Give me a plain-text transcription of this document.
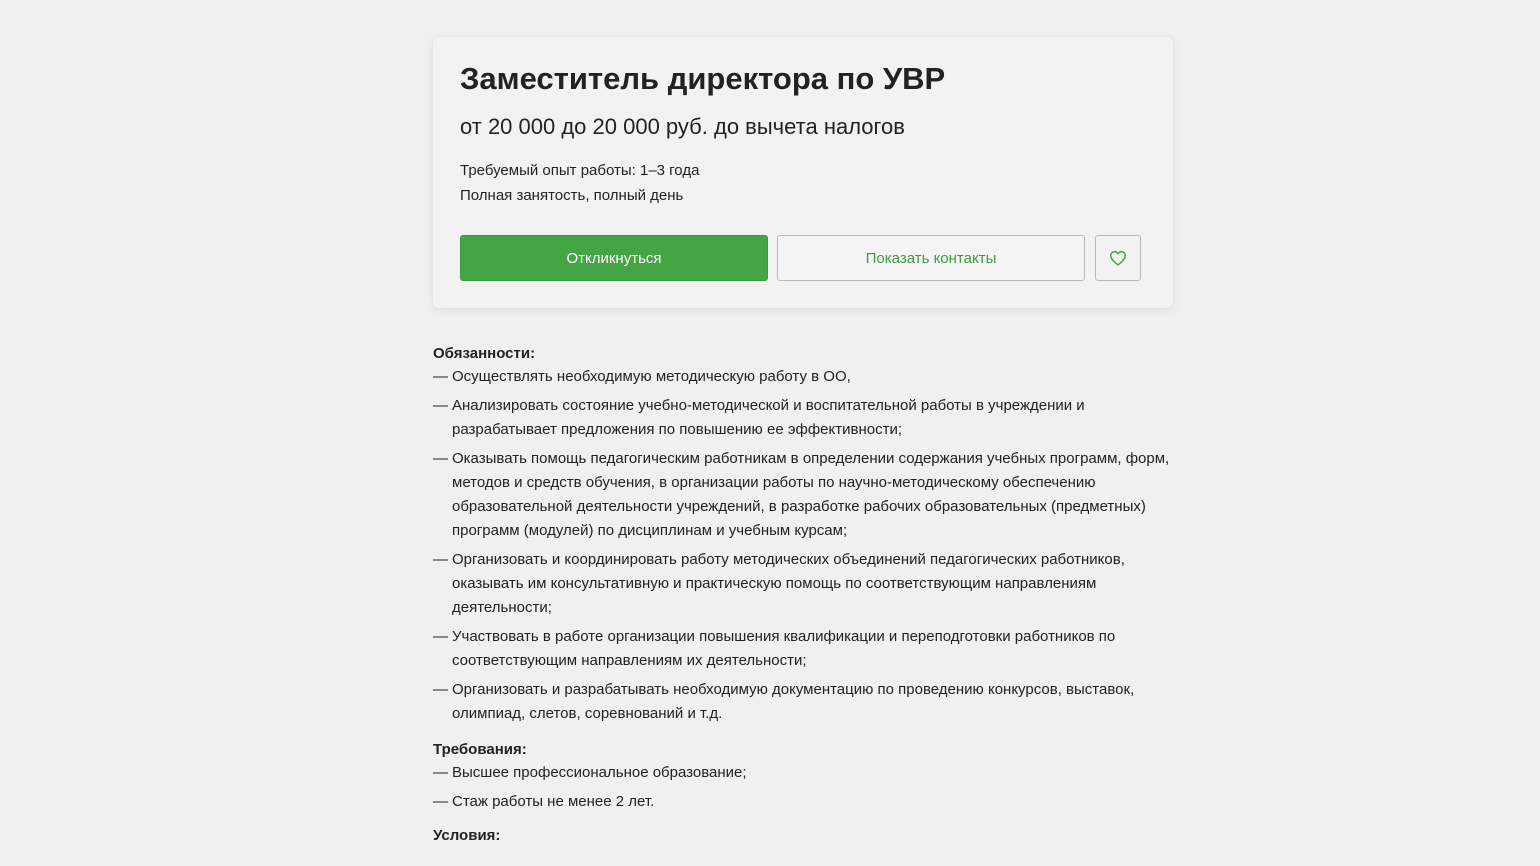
Заместитель директора по УВР
от 20 000 до 20 000 руб. до вычета налогов
Требуемый опыт работы: 1–3 года
Полная занятость, полный день
Откликнуться	Показать контакты

Обязанности:

— Осуществлять необходимую методическую работу в ОО,
— Анализировать состояние учебно-методической и воспитательной работы в учреждении и разрабатывает предложения по повышению ее эффективности;
— Оказывать помощь педагогическим работникам в определении содержания учебных программ, форм, методов и средств обучения, в организации работы по научно-методическому обеспечению образовательной деятельности учреждений, в разработке рабочих образовательных (предметных) программ (модулей) по дисциплинам и учебным курсам;
— Организовать и координировать работу методических объединений педагогических работников, оказывать им консультативную и практическую помощь по соответствующим направлениям деятельности;
— Участвовать в работе организации повышения квалификации и переподготовки работников по соответствующим направлениям их деятельности;
— Организовать и разрабатывать необходимую документацию по проведению конкурсов, выставок, олимпиад, слетов, соревнований и т.д.

Требования:

— Высшее профессиональное образование;
— Стаж работы не менее 2 лет.

Условия:
